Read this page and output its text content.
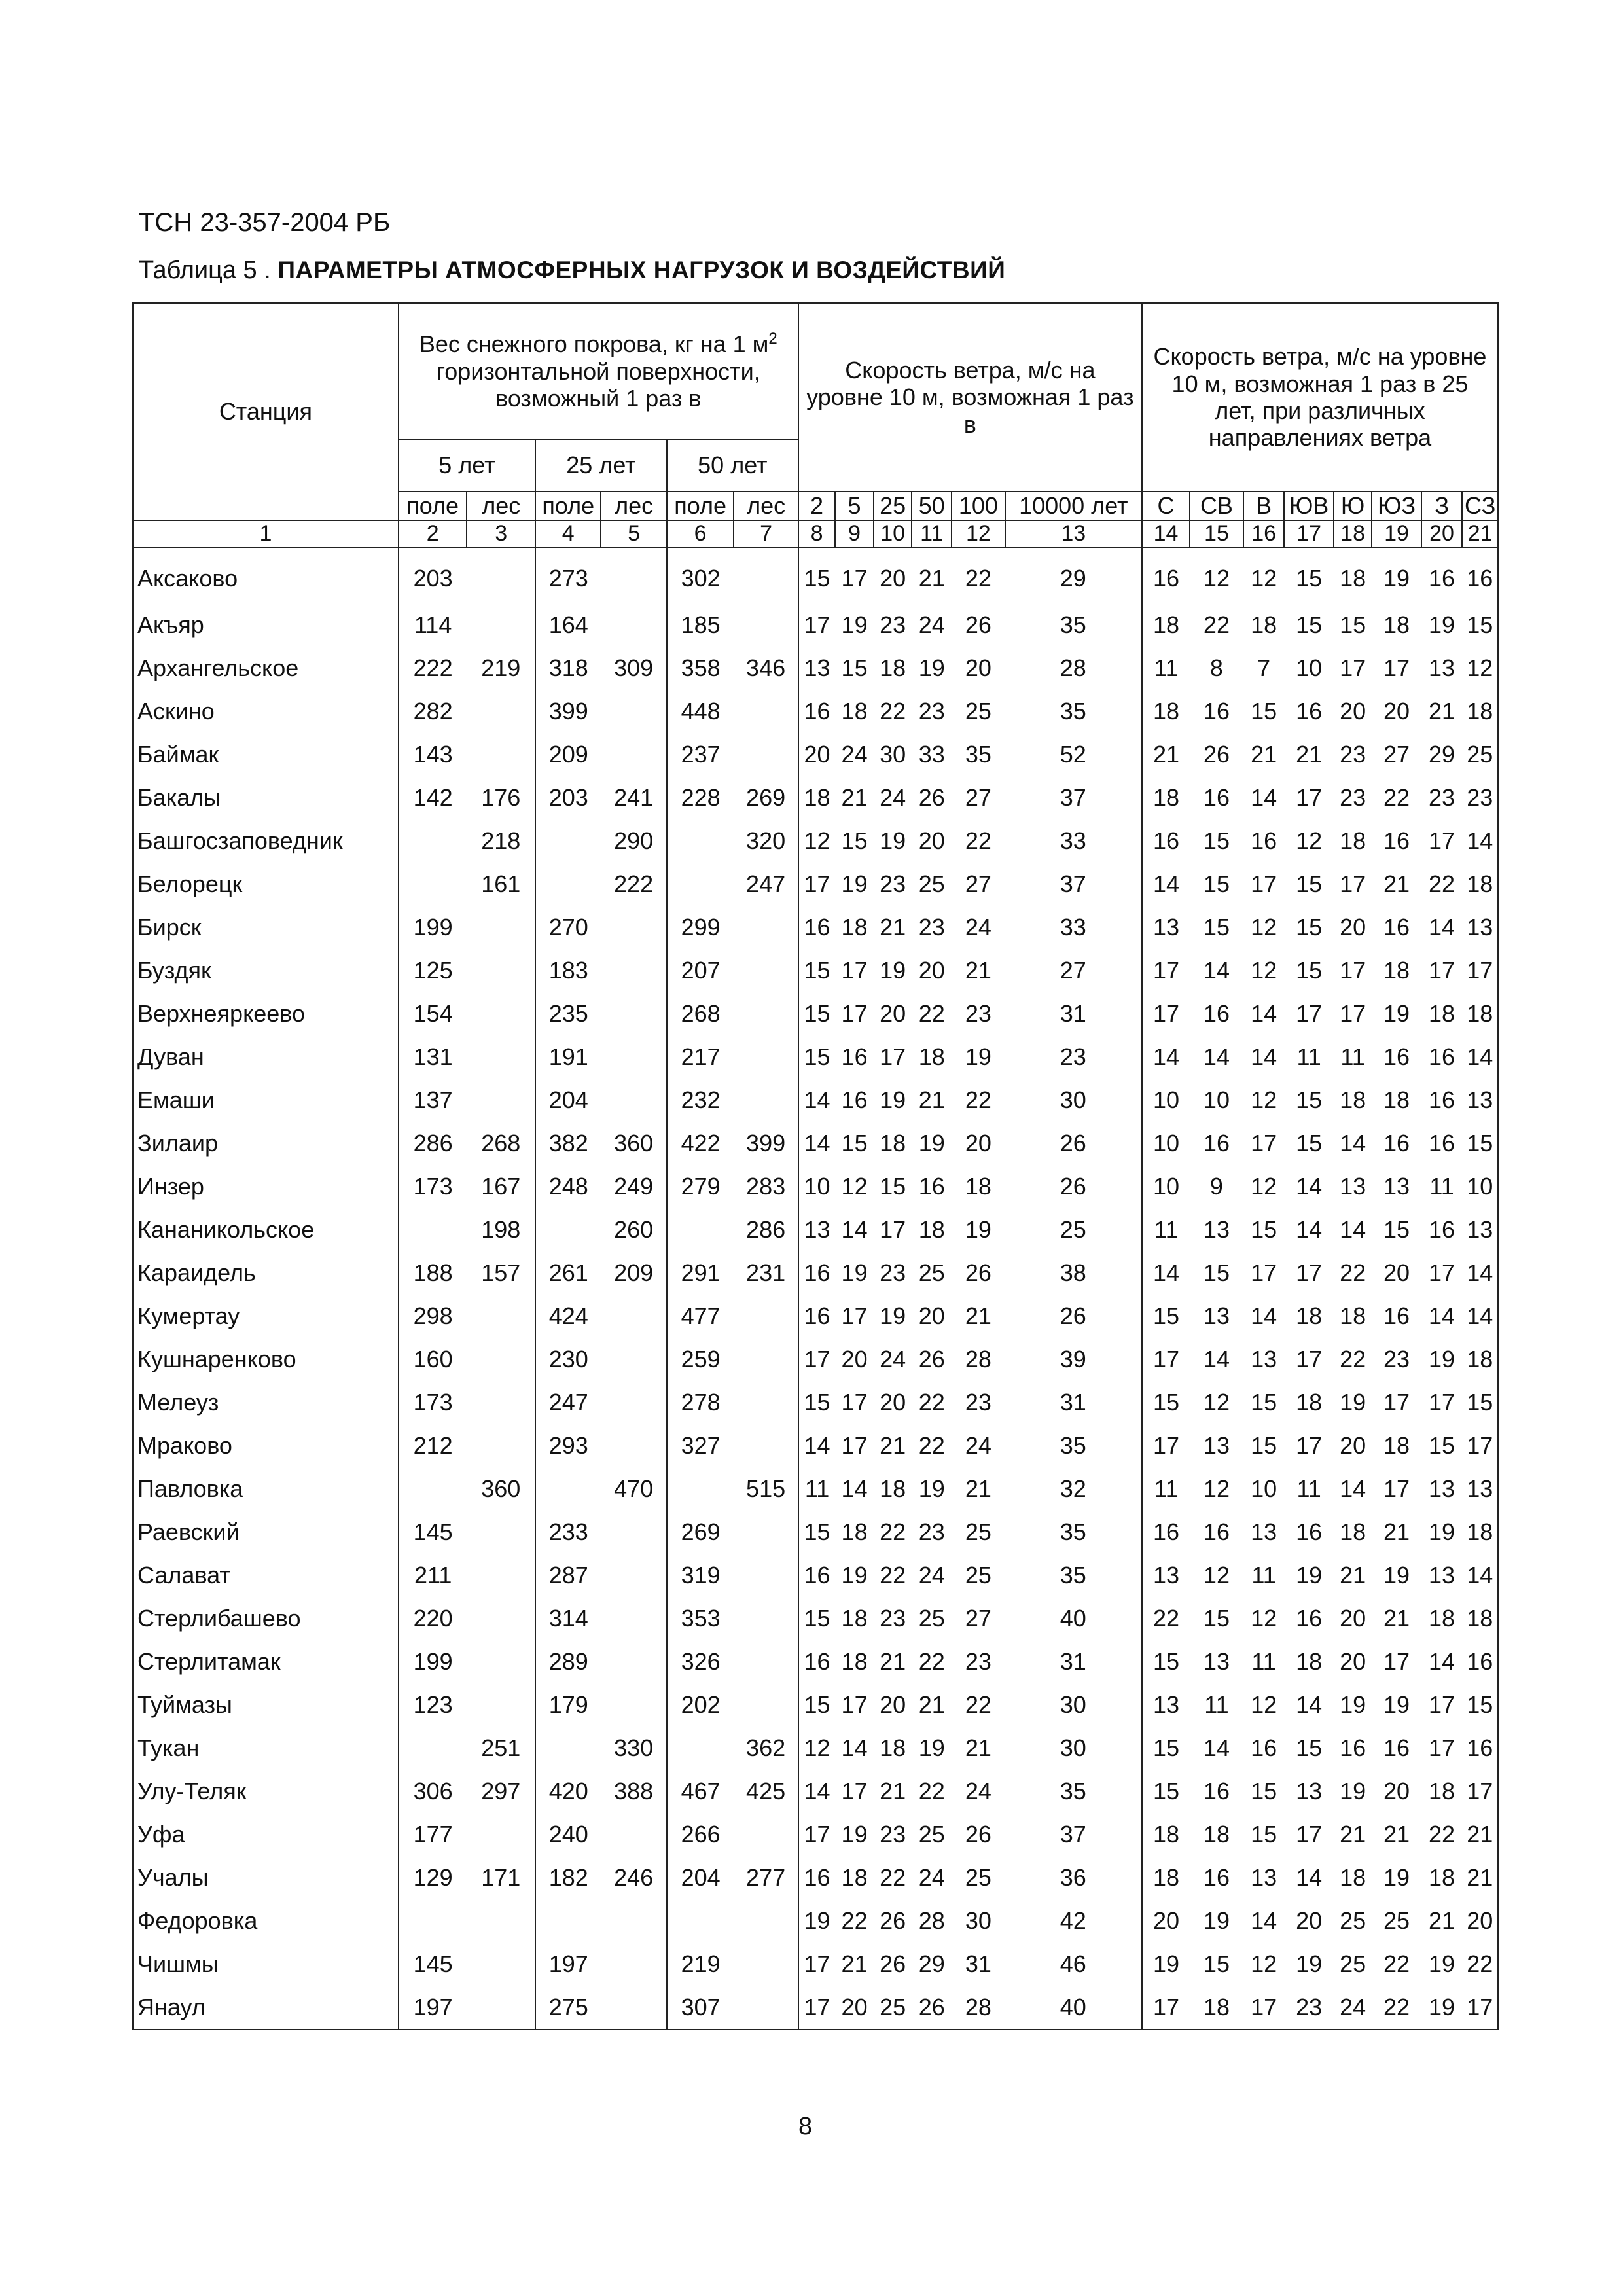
ТСН 23-357-2004 РБ
Таблица 5 . ПАРАМЕТРЫ АТМОСФЕРНЫХ НАГРУЗОК И ВОЗДЕЙСТВИЙ
Станция	Вес снежного покрова, кг на 1 $м^2$ горизонтальной поверхности, возможный 1 раз в						Скорость ветра, м/с на уровне 10 м, возможная 1 раз в						Скорость ветра, м/с на уровне 10 м, возможная 1 раз в 25 лет, при различных направлениях ветра							
	5 лет		25 лет		50 лет															
	поле	лес	поле	лес	поле	лес	2	5	25	50	100	10000 лет	С	СВ	В	ЮВ	Ю	ЮЗ	З	СЗ
1	2	3	4	5	6	7	8	9	10	11	12	13	14	15	16	17	18	19	20	21
Аксаково	203		273		302		15	17	20	21	22	29	16	12	12	15	18	19	16	16
Акъяр	114		164		185		17	19	23	24	26	35	18	22	18	15	15	18	19	15
Архангельское	222	219	318	309	358	346	13	15	18	19	20	28	11	8	7	10	17	17	13	12
Аскино	282		399		448		16	18	22	23	25	35	18	16	15	16	20	20	21	18
Баймак	143		209		237		20	24	30	33	35	52	21	26	21	21	23	27	29	25
Бакалы	142	176	203	241	228	269	18	21	24	26	27	37	18	16	14	17	23	22	23	23
Башгосзаповедник		218		290		320	12	15	19	20	22	33	16	15	16	12	18	16	17	14
Белорецк		161		222		247	17	19	23	25	27	37	14	15	17	15	17	21	22	18
Бирск	199		270		299		16	18	21	23	24	33	13	15	12	15	20	16	14	13
Буздяк	125		183		207		15	17	19	20	21	27	17	14	12	15	17	18	17	17
Верхнеяркеево	154		235		268		15	17	20	22	23	31	17	16	14	17	17	19	18	18
Дуван	131		191		217		15	16	17	18	19	23	14	14	14	11	11	16	16	14
Емаши	137		204		232		14	16	19	21	22	30	10	10	12	15	18	18	16	13
Зилаир	286	268	382	360	422	399	14	15	18	19	20	26	10	16	17	15	14	16	16	15
Инзер	173	167	248	249	279	283	10	12	15	16	18	26	10	9	12	14	13	13	11	10
Кананикольское		198		260		286	13	14	17	18	19	25	11	13	15	14	14	15	16	13
Караидель	188	157	261	209	291	231	16	19	23	25	26	38	14	15	17	17	22	20	17	14
Кумертау	298		424		477		16	17	19	20	21	26	15	13	14	18	18	16	14	14
Кушнаренково	160		230		259		17	20	24	26	28	39	17	14	13	17	22	23	19	18
Мелеуз	173		247		278		15	17	20	22	23	31	15	12	15	18	19	17	17	15
Мраково	212		293		327		14	17	21	22	24	35	17	13	15	17	20	18	15	17
Павловка		360		470		515	11	14	18	19	21	32	11	12	10	11	14	17	13	13
Раевский	145		233		269		15	18	22	23	25	35	16	16	13	16	18	21	19	18
Салават	211		287		319		16	19	22	24	25	35	13	12	11	19	21	19	13	14
Стерлибашево	220		314		353		15	18	23	25	27	40	22	15	12	16	20	21	18	18
Стерлитамак	199		289		326		16	18	21	22	23	31	15	13	11	18	20	17	14	16
Туймазы	123		179		202		15	17	20	21	22	30	13	11	12	14	19	19	17	15
Тукан		251		330		362	12	14	18	19	21	30	15	14	16	15	16	16	17	16
Улу-Теляк	306	297	420	388	467	425	14	17	21	22	24	35	15	16	15	13	19	20	18	17
Уфа	177		240		266		17	19	23	25	26	37	18	18	15	17	21	21	22	21
Учалы	129	171	182	246	204	277	16	18	22	24	25	36	18	16	13	14	18	19	18	21
Федоровка							19	22	26	28	30	42	20	19	14	20	25	25	21	20
Чишмы	145		197		219		17	21	26	29	31	46	19	15	12	19	25	22	19	22
Янаул	197		275		307		17	20	25	26	28	40	17	18	17	23	24	22	19	17
8
